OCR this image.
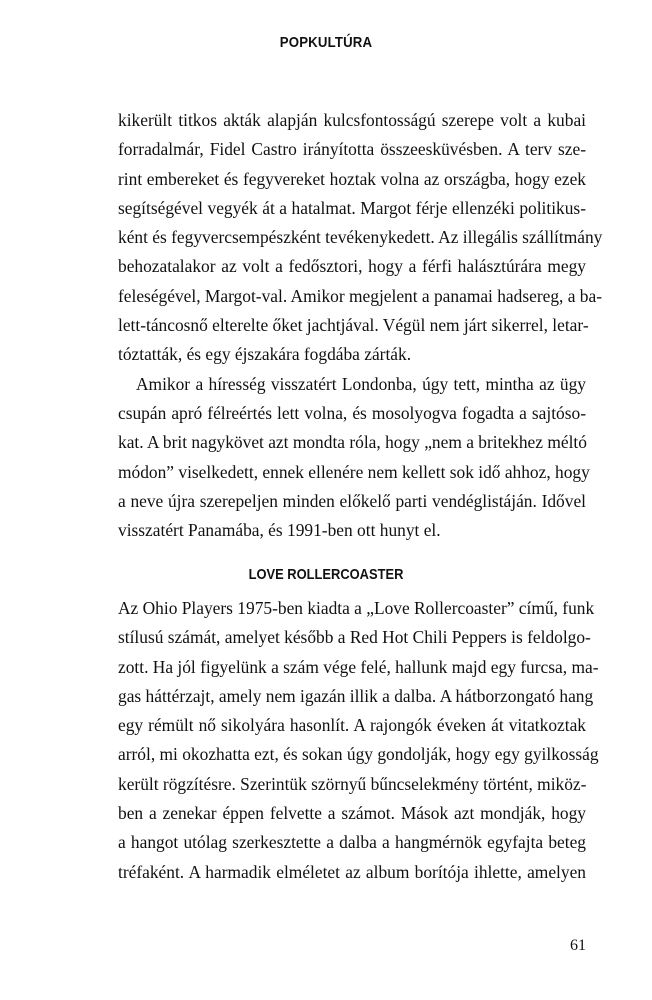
POPKULTÚRA
kikerült titkos akták alapján kulcsfontosságú szerepe volt a kubai
forradalmár, Fidel Castro irányította összeesküvésben. A terv sze-
rint embereket és fegyvereket hoztak volna az országba, hogy ezek
segítségével vegyék át a hatalmat. Margot férje ellenzéki politikus-
ként és fegyvercsempészként tevékenykedett. Az illegális szállítmány
behozatalakor az volt a fedősztori, hogy a férfi halásztúrára megy
feleségével, Margot-val. Amikor megjelent a panamai hadsereg, a ba-
lett-táncosnő elterelte őket jachtjával. Végül nem járt sikerrel, letar-
tóztatták, és egy éjszakára fogdába zárták.
Amikor a híresség visszatért Londonba, úgy tett, mintha az ügy
csupán apró félreértés lett volna, és mosolyogva fogadta a sajtóso-
kat. A brit nagykövet azt mondta róla, hogy „nem a britekhez méltó
módon” viselkedett, ennek ellenére nem kellett sok idő ahhoz, hogy
a neve újra szerepeljen minden előkelő parti vendéglistáján. Idővel
visszatért Panamába, és 1991-ben ott hunyt el.
LOVE ROLLERCOASTER
Az Ohio Players 1975-ben kiadta a „Love Rollercoaster” című, funk
stílusú számát, amelyet később a Red Hot Chili Peppers is feldolgo-
zott. Ha jól figyelünk a szám vége felé, hallunk majd egy furcsa, ma-
gas háttérzajt, amely nem igazán illik a dalba. A hátborzongató hang
egy rémült nő sikolyára hasonlít. A rajongók éveken át vitatkoztak
arról, mi okozhatta ezt, és sokan úgy gondolják, hogy egy gyilkosság
került rögzítésre. Szerintük szörnyű bűncselekmény történt, miköz-
ben a zenekar éppen felvette a számot. Mások azt mondják, hogy
a hangot utólag szerkesztette a dalba a hangmérnök egyfajta beteg
tréfaként. A harmadik elméletet az album borítója ihlette, amelyen
61
